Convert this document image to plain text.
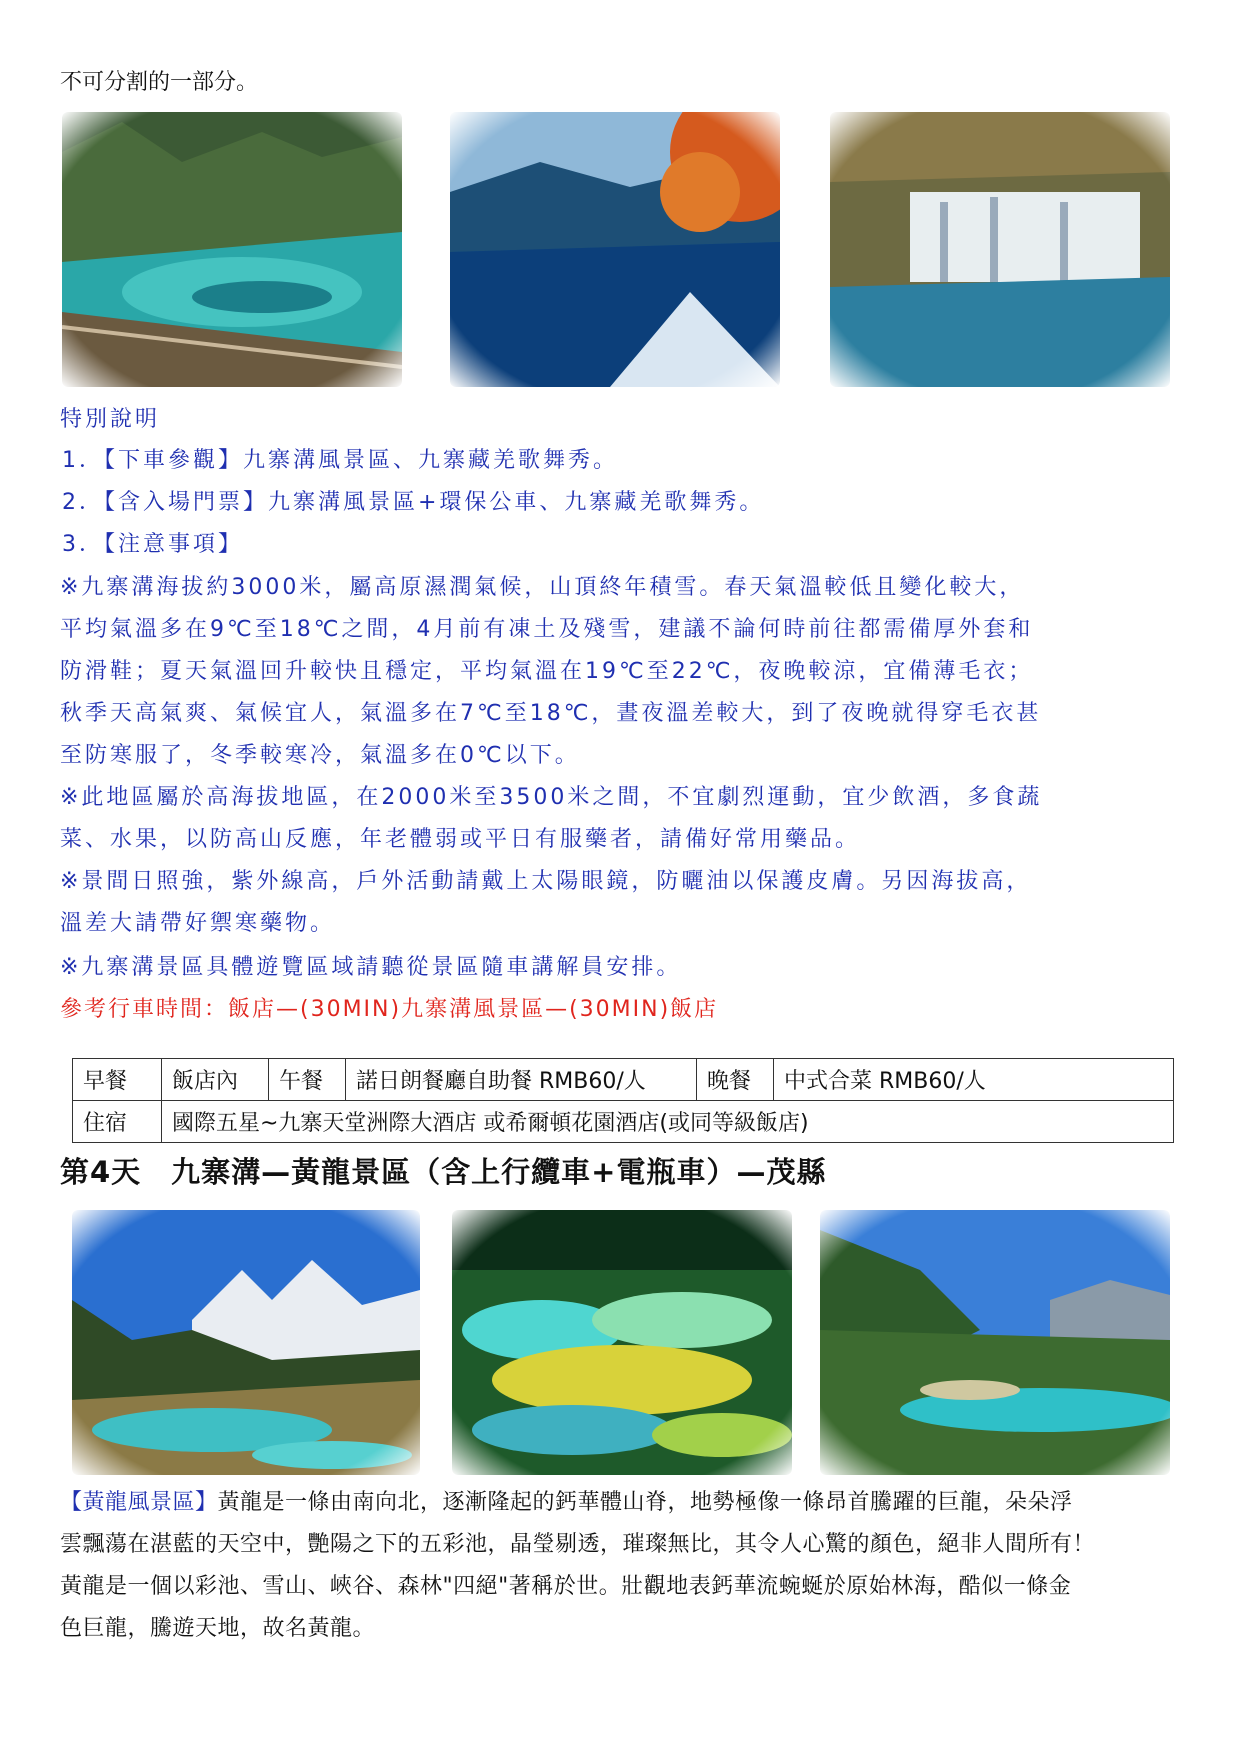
不可分割的一部分。
特別說明
1．【下車參觀】九寨溝風景區、九寨藏羌歌舞秀。
2．【含入場門票】九寨溝風景區+環保公車、九寨藏羌歌舞秀。
3．【注意事項】
※九寨溝海拔約3000米，屬高原濕潤氣候，山頂終年積雪。春天氣溫較低且變化較大，
平均氣溫多在9℃至18℃之間，4月前有凍土及殘雪，建議不論何時前往都需備厚外套和
防滑鞋；夏天氣溫回升較快且穩定，平均氣溫在19℃至22℃，夜晚較涼，宜備薄毛衣；
秋季天高氣爽、氣候宜人，氣溫多在7℃至18℃，晝夜溫差較大，到了夜晚就得穿毛衣甚
至防寒服了，冬季較寒冷，氣溫多在0℃以下。
※此地區屬於高海拔地區，在2000米至3500米之間，不宜劇烈運動，宜少飲酒，多食蔬
菜、水果，以防高山反應，年老體弱或平日有服藥者，請備好常用藥品。
※景間日照強，紫外線高，戶外活動請戴上太陽眼鏡，防曬油以保護皮膚。另因海拔高，
溫差大請帶好禦寒藥物。
※九寨溝景區具體遊覽區域請聽從景區隨車講解員安排。
參考行車時間：飯店—(30MIN)九寨溝風景區—(30MIN)飯店
早餐	飯店內	午餐	諾日朗餐廳自助餐 RMB60/人	晚餐	中式合菜 RMB60/人
住宿	國際五星~九寨天堂洲際大酒店 或希爾頓花園酒店(或同等級飯店)				
第4天　九寨溝—黃龍景區（含上行纜車+電瓶車）—茂縣
【黃龍風景區】黃龍是一條由南向北，逐漸隆起的鈣華體山脊，地勢極像一條昂首騰躍的巨龍，朵朵浮
雲飄蕩在湛藍的天空中，艷陽之下的五彩池，晶瑩剔透，璀璨無比，其令人心驚的顏色，絕非人間所有！
黃龍是一個以彩池、雪山、峽谷、森林"四絕"著稱於世。壯觀地表鈣華流蜿蜒於原始林海，酷似一條金
色巨龍，騰遊天地，故名黃龍。
